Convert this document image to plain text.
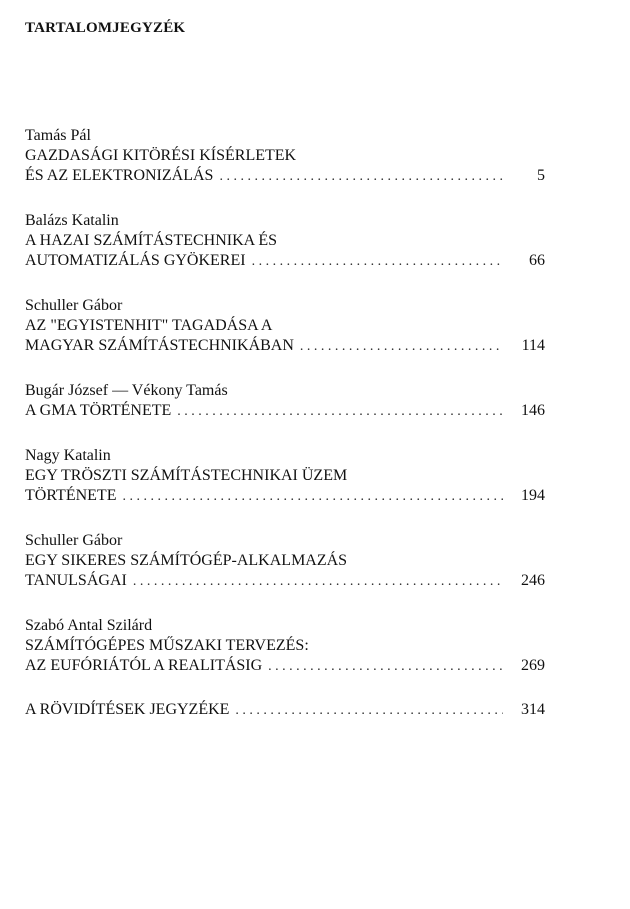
TARTALOMJEGYZÉK
Tamás Pál
GAZDASÁGI KITÖRÉSI KÍSÉRLETEK
ÉS AZ ELEKTRONIZÁLÁS . . .	5
Balázs Katalin
A HAZAI SZÁMÍTÁSTECHNIKA ÉS
AUTOMATIZÁLÁS GYÖKEREI . . .	66
Schuller Gábor
AZ "EGYISTENHIT" TAGADÁSA A
MAGYAR SZÁMÍTÁSTECHNIKÁBAN . . .	114
Bugár József — Vékony Tamás
A GMA TÖRTÉNETE . . .	146
Nagy Katalin
EGY TRÖSZTI SZÁMÍTÁSTECHNIKAI ÜZEM
TÖRTÉNETE . . .	194
Schuller Gábor
EGY SIKERES SZÁMÍTÓGÉP-ALKALMAZÁS
TANULSÁGAI . . .	246
Szabó Antal Szilárd
SZÁMÍTÓGÉPES MŰSZAKI TERVEZÉS:
AZ EUFÓRIÁTÓL A REALITÁSIG . . .	269
A RÖVIDÍTÉSEK JEGYZÉKE . . .	314
